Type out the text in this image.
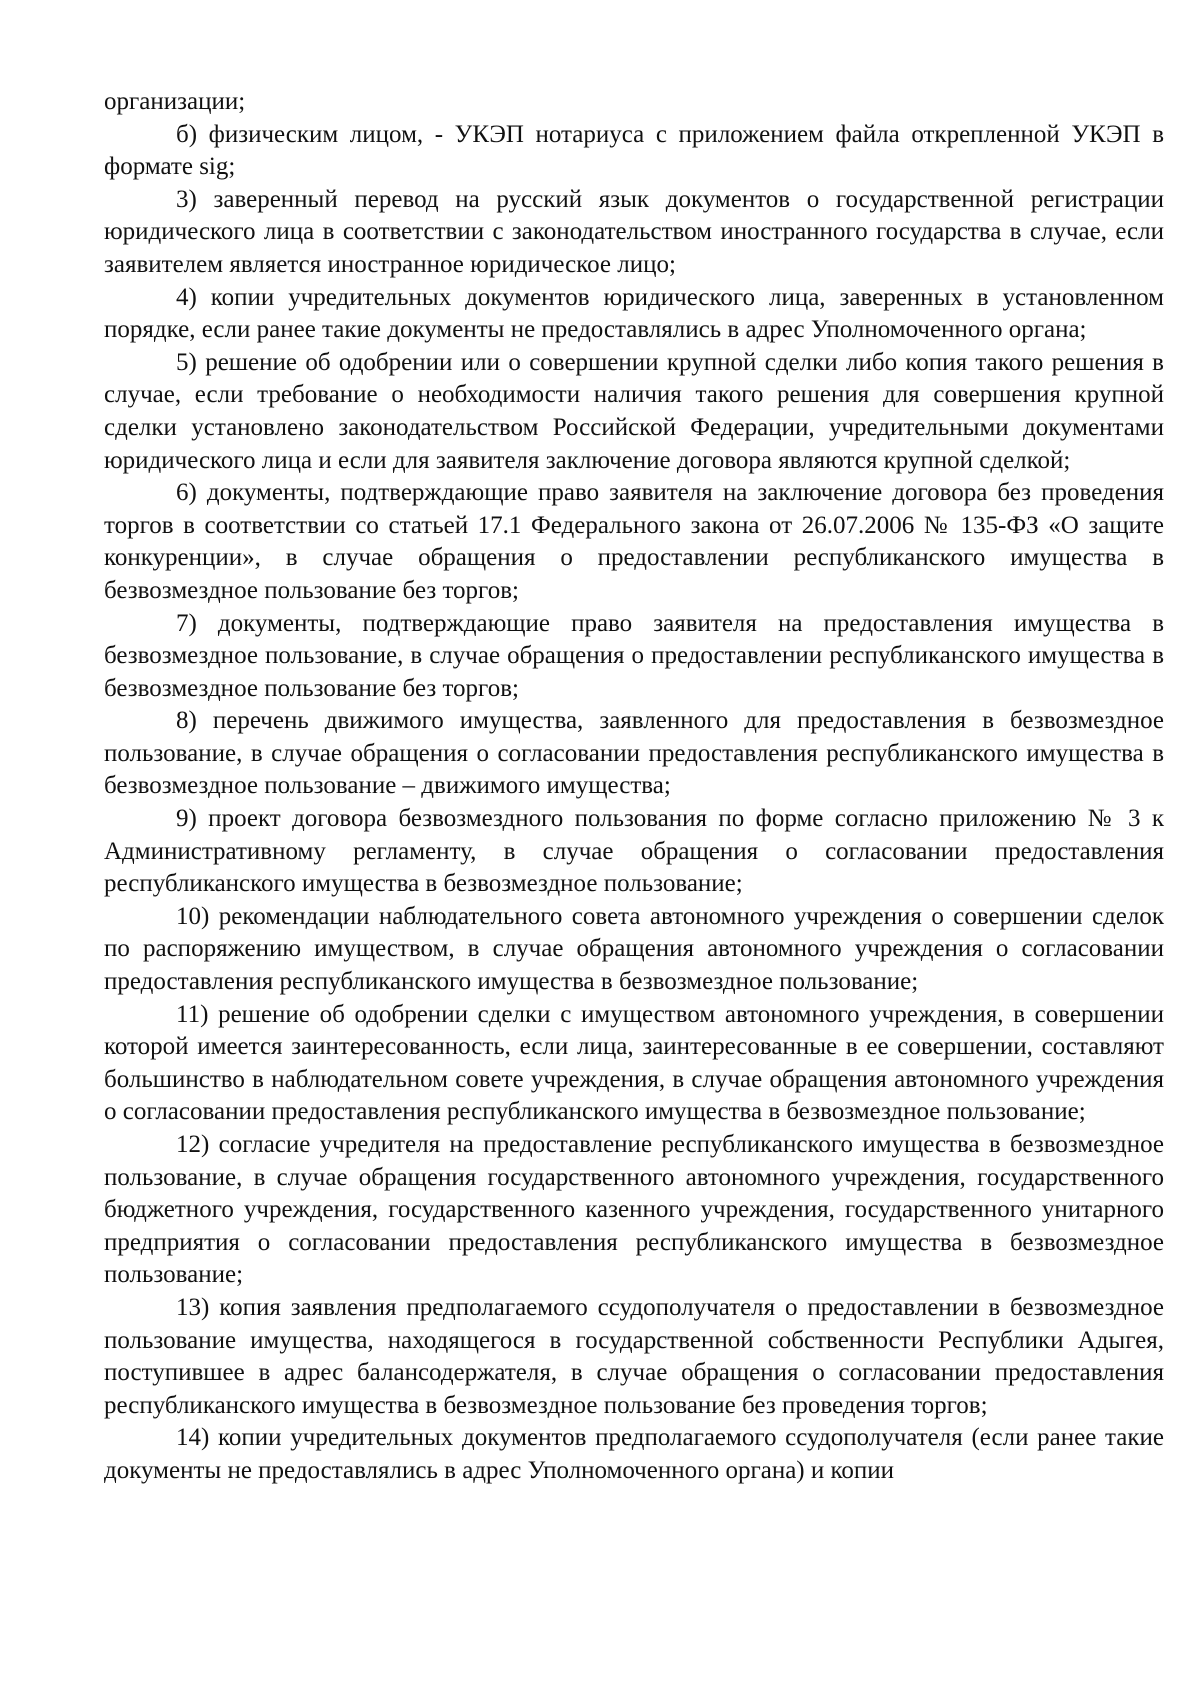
организации;

б) физическим лицом, - УКЭП нотариуса с приложением файла открепленной УКЭП в формате sig;

3) заверенный перевод на русский язык документов о государственной регистрации юридического лица в соответствии с законодательством иностранного государства в случае, если заявителем является иностранное юридическое лицо;

4) копии учредительных документов юридического лица, заверенных в установленном порядке, если ранее такие документы не предоставлялись в адрес Уполномоченного органа;

5) решение об одобрении или о совершении крупной сделки либо копия такого решения в случае, если требование о необходимости наличия такого решения для совершения крупной сделки установлено законодательством Российской Федерации, учредительными документами юридического лица и если для заявителя заключение договора являются крупной сделкой;

6) документы, подтверждающие право заявителя на заключение договора без проведения торгов в соответствии со статьей 17.1 Федерального закона от 26.07.2006 № 135-ФЗ «О защите конкуренции», в случае обращения о предоставлении республиканского имущества в безвозмездное пользование без торгов;

7) документы, подтверждающие право заявителя на предоставления имущества в безвозмездное пользование, в случае обращения о предоставлении республиканского имущества в безвозмездное пользование без торгов;

8) перечень движимого имущества, заявленного для предоставления в безвозмездное пользование, в случае обращения о согласовании предоставления республиканского имущества в безвозмездное пользование – движимого имущества;

9) проект договора безвозмездного пользования по форме согласно приложению № 3 к Административному регламенту, в случае обращения о согласовании предоставления республиканского имущества в безвозмездное пользование;

10) рекомендации наблюдательного совета автономного учреждения о совершении сделок по распоряжению имуществом, в случае обращения автономного учреждения о согласовании предоставления республиканского имущества в безвозмездное пользование;

11) решение об одобрении сделки с имуществом автономного учреждения, в совершении которой имеется заинтересованность, если лица, заинтересованные в ее совершении, составляют большинство в наблюдательном совете учреждения, в случае обращения автономного учреждения о согласовании предоставления республиканского имущества в безвозмездное пользование;

12) согласие учредителя на предоставление республиканского имущества в безвозмездное пользование, в случае обращения государственного автономного учреждения, государственного бюджетного учреждения, государственного казенного учреждения, государственного унитарного предприятия о согласовании предоставления республиканского имущества в безвозмездное пользование;

13) копия заявления предполагаемого ссудополучателя о предоставлении в безвозмездное пользование имущества, находящегося в государственной собственности Республики Адыгея, поступившее в адрес балансодержателя, в случае обращения о согласовании предоставления республиканского имущества в безвозмездное пользование без проведения торгов;

14) копии учредительных документов предполагаемого ссудополучателя (если ранее такие документы не предоставлялись в адрес Уполномоченного органа) и копии
